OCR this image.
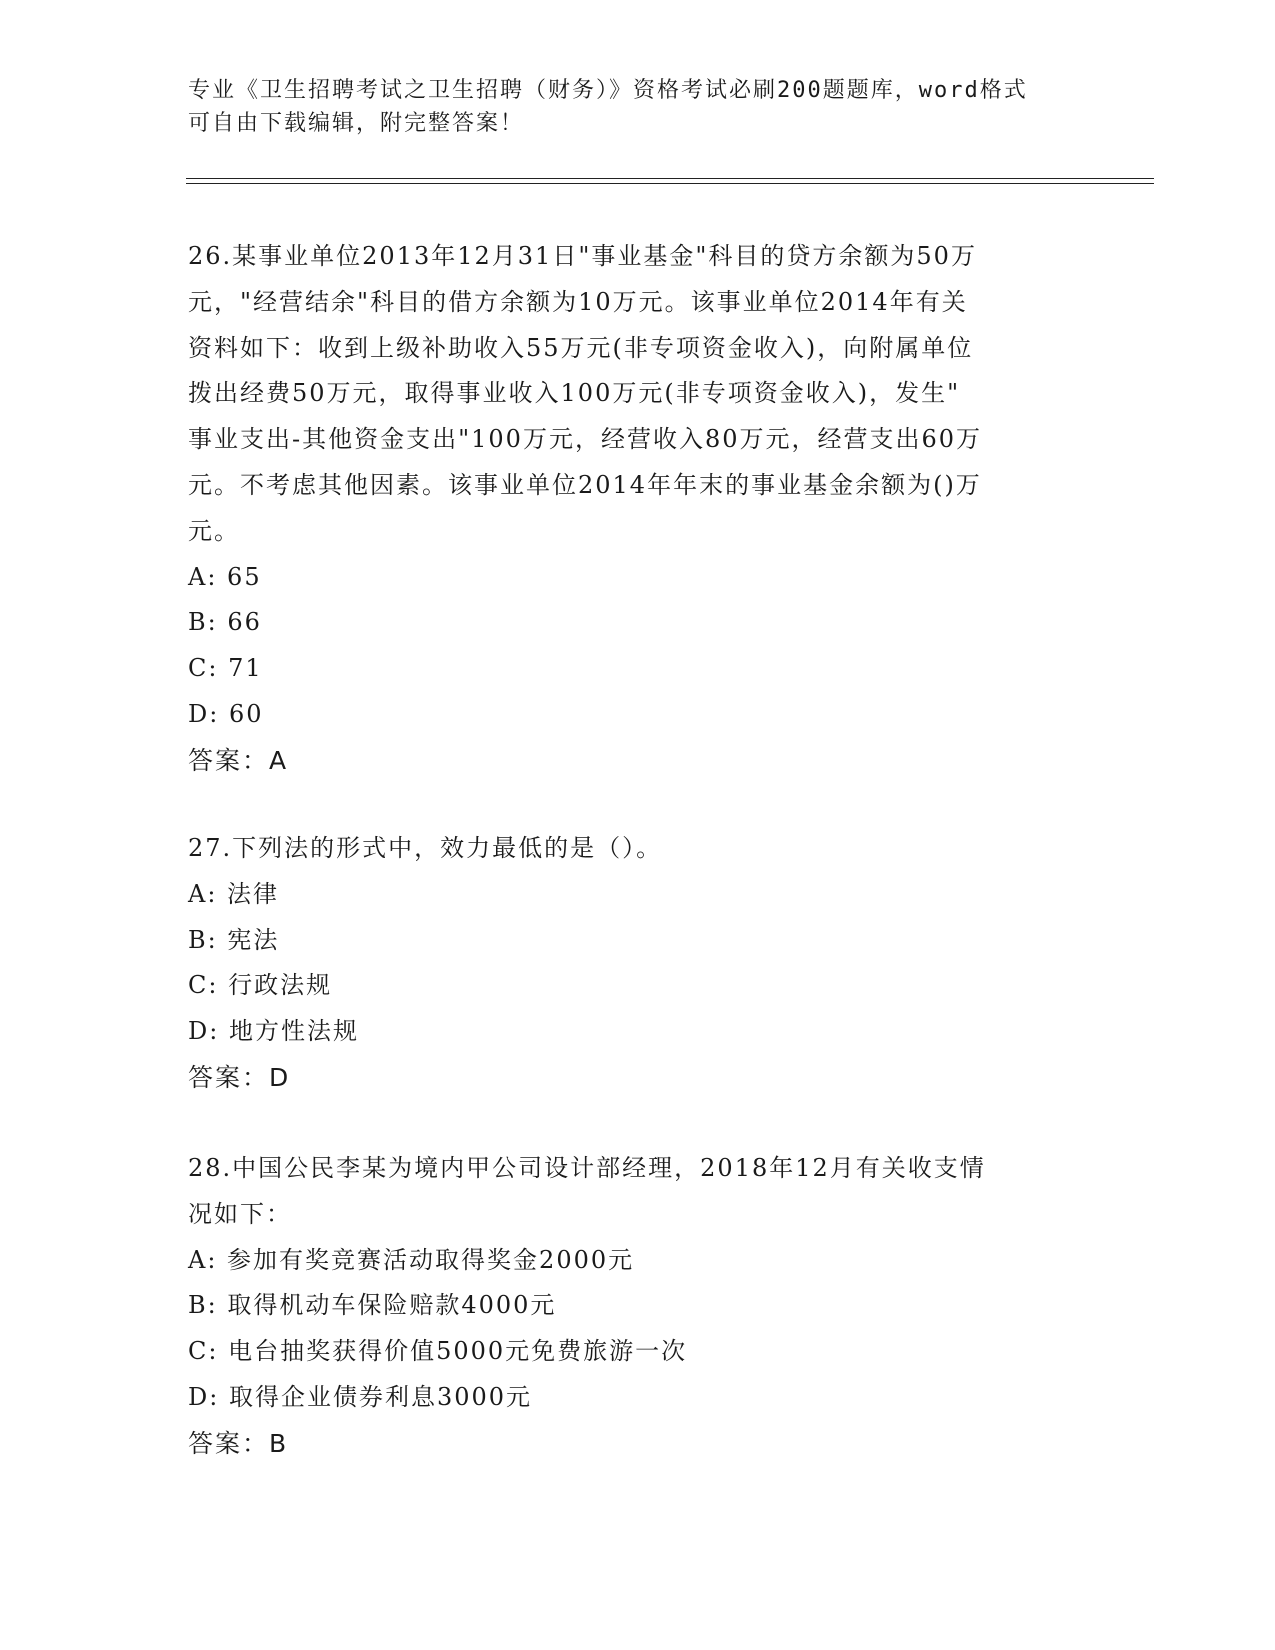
专业《卫生招聘考试之卫生招聘（财务）》资格考试必刷200题题库，word格式
可自由下载编辑，附完整答案！
26.某事业单位2013年12月31日"事业基金"科目的贷方余额为50万
元，"经营结余"科目的借方余额为10万元。该事业单位2014年有关
资料如下：收到上级补助收入55万元(非专项资金收入)，向附属单位
拨出经费50万元，取得事业收入100万元(非专项资金收入)，发生"
事业支出-其他资金支出"100万元，经营收入80万元，经营支出60万
元。不考虑其他因素。该事业单位2014年年末的事业基金余额为()万
元。
A: 65
B: 66
C: 71
D: 60
答案：A
27.下列法的形式中，效力最低的是（）。
A: 法律
B: 宪法
C: 行政法规
D: 地方性法规
答案：D
28.中国公民李某为境内甲公司设计部经理，2018年12月有关收支情
况如下：
A: 参加有奖竞赛活动取得奖金2000元
B: 取得机动车保险赔款4000元
C: 电台抽奖获得价值5000元免费旅游一次
D: 取得企业债券利息3000元
答案：B
